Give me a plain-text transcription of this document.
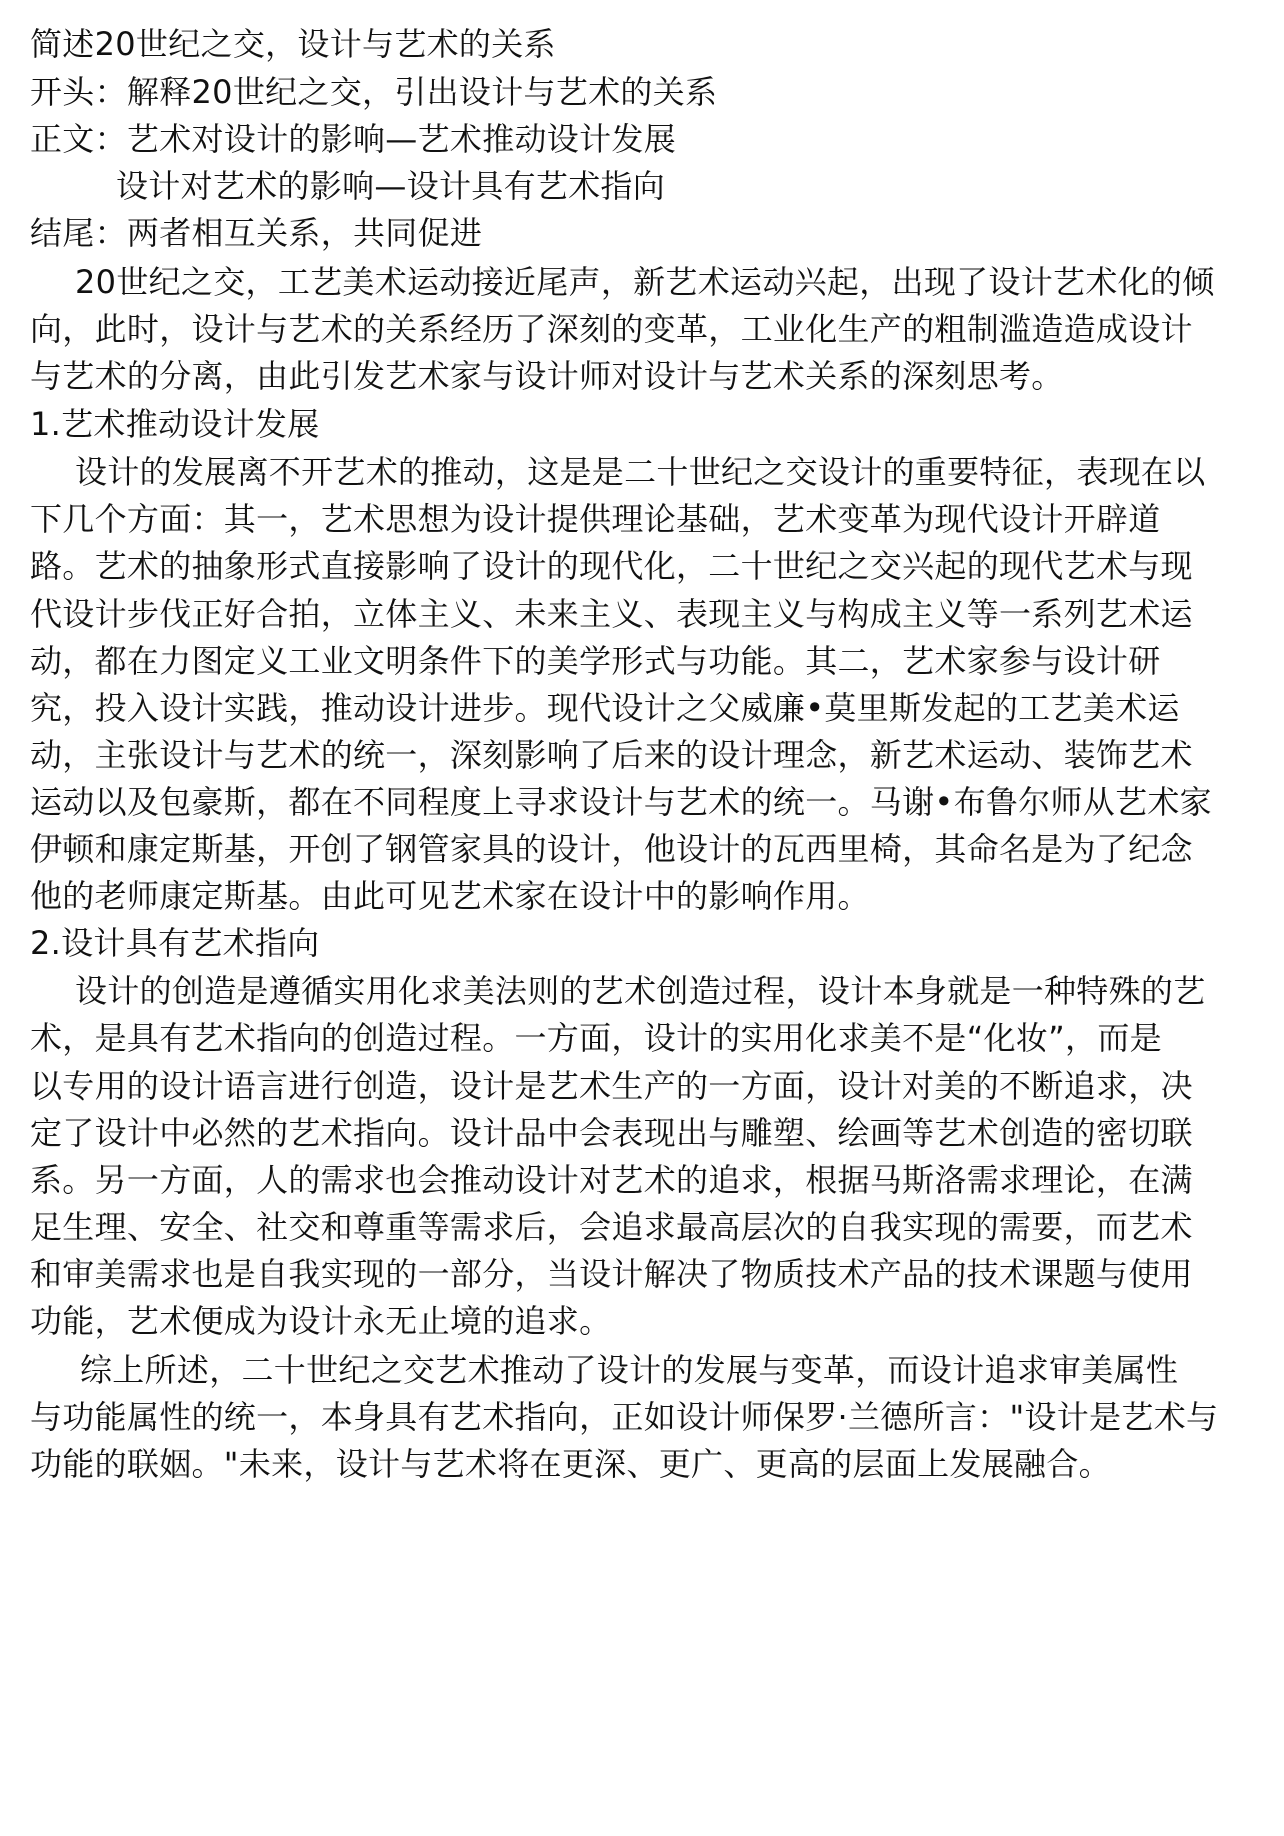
简述20世纪之交，设计与艺术的关系
开头：解释20世纪之交，引出设计与艺术的关系
正文：艺术对设计的影响—艺术推动设计发展
设计对艺术的影响—设计具有艺术指向
结尾：两者相互关系，共同促进
20世纪之交，工艺美术运动接近尾声，新艺术运动兴起，出现了设计艺术化的倾
向，此时，设计与艺术的关系经历了深刻的变革，工业化生产的粗制滥造造成设计
与艺术的分离，由此引发艺术家与设计师对设计与艺术关系的深刻思考。
1.艺术推动设计发展
设计的发展离不开艺术的推动，这是是二十世纪之交设计的重要特征，表现在以
下几个方面：其一，艺术思想为设计提供理论基础，艺术变革为现代设计开辟道
路。艺术的抽象形式直接影响了设计的现代化，二十世纪之交兴起的现代艺术与现
代设计步伐正好合拍，立体主义、未来主义、表现主义与构成主义等一系列艺术运
动，都在力图定义工业文明条件下的美学形式与功能。其二，艺术家参与设计研
究，投入设计实践，推动设计进步。现代设计之父威廉•莫里斯发起的工艺美术运
动，主张设计与艺术的统一，深刻影响了后来的设计理念，新艺术运动、装饰艺术
运动以及包豪斯，都在不同程度上寻求设计与艺术的统一。马谢•布鲁尔师从艺术家
伊顿和康定斯基，开创了钢管家具的设计，他设计的瓦西里椅，其命名是为了纪念
他的老师康定斯基。由此可见艺术家在设计中的影响作用。
2.设计具有艺术指向
设计的创造是遵循实用化求美法则的艺术创造过程，设计本身就是一种特殊的艺
术，是具有艺术指向的创造过程。一方面，设计的实用化求美不是“化妆”，而是
以专用的设计语言进行创造，设计是艺术生产的一方面，设计对美的不断追求，决
定了设计中必然的艺术指向。设计品中会表现出与雕塑、绘画等艺术创造的密切联
系。另一方面，人的需求也会推动设计对艺术的追求，根据马斯洛需求理论，在满
足生理、安全、社交和尊重等需求后，会追求最高层次的自我实现的需要，而艺术
和审美需求也是自我实现的一部分，当设计解决了物质技术产品的技术课题与使用
功能，艺术便成为设计永无止境的追求。
综上所述，二十世纪之交艺术推动了设计的发展与变革，而设计追求审美属性
与功能属性的统一，本身具有艺术指向，正如设计师保罗·兰德所言："设计是艺术与
功能的联姻。"未来，设计与艺术将在更深、更广、更高的层面上发展融合。
